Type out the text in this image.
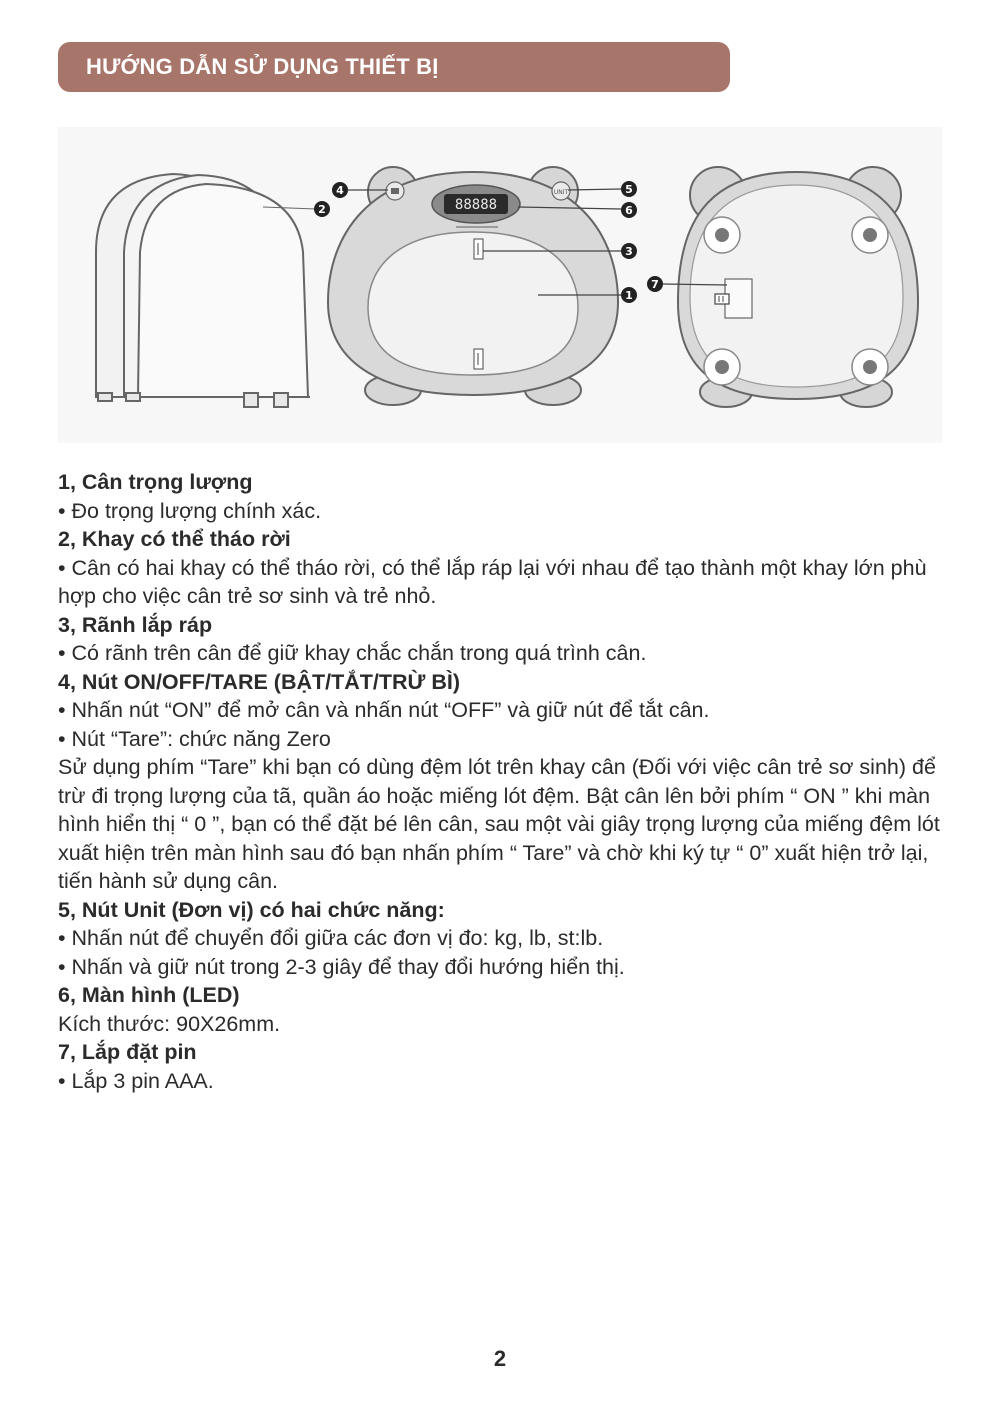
HƯỚNG DẪN SỬ DỤNG THIẾT BỊ
88888
UNIT
2
4	5
6
3
1
7

1, Cân trọng lượng

• Đo trọng lượng chính xác.

2, Khay có thể tháo rời

• Cân có hai khay có thể tháo rời, có thể lắp ráp lại với nhau để tạo thành một khay lớn phù hợp cho việc cân trẻ sơ sinh và trẻ nhỏ.

3, Rãnh lắp ráp

• Có rãnh trên cân để giữ khay chắc chắn trong quá trình cân.

4, Nút ON/OFF/TARE (BẬT/TẮT/TRỪ BÌ)

• Nhấn nút “ON” để mở cân và nhấn nút “OFF” và giữ nút để tắt cân.

• Nút “Tare”: chức năng Zero

Sử dụng phím “Tare” khi bạn có dùng đệm lót trên khay cân (Đối với việc cân trẻ sơ sinh) để trừ đi trọng lượng của tã, quần áo hoặc miếng lót đệm. Bật cân lên bởi phím “ ON ” khi màn hình hiển thị “ 0 ”, bạn có thể đặt bé lên cân, sau một vài giây trọng lượng của miếng đệm lót xuất hiện trên màn hình sau đó bạn nhấn phím “ Tare” và chờ khi ký tự “ 0” xuất hiện trở lại, tiến hành sử dụng cân.

5, Nút Unit (Đơn vị) có hai chức năng:

• Nhấn nút để chuyển đổi giữa các đơn vị đo: kg, lb, st:lb.

• Nhấn và giữ nút trong 2-3 giây để thay đổi hướng hiển thị.

6, Màn hình (LED)

Kích thước: 90X26mm.

7, Lắp đặt pin

• Lắp 3 pin AAA.

2
